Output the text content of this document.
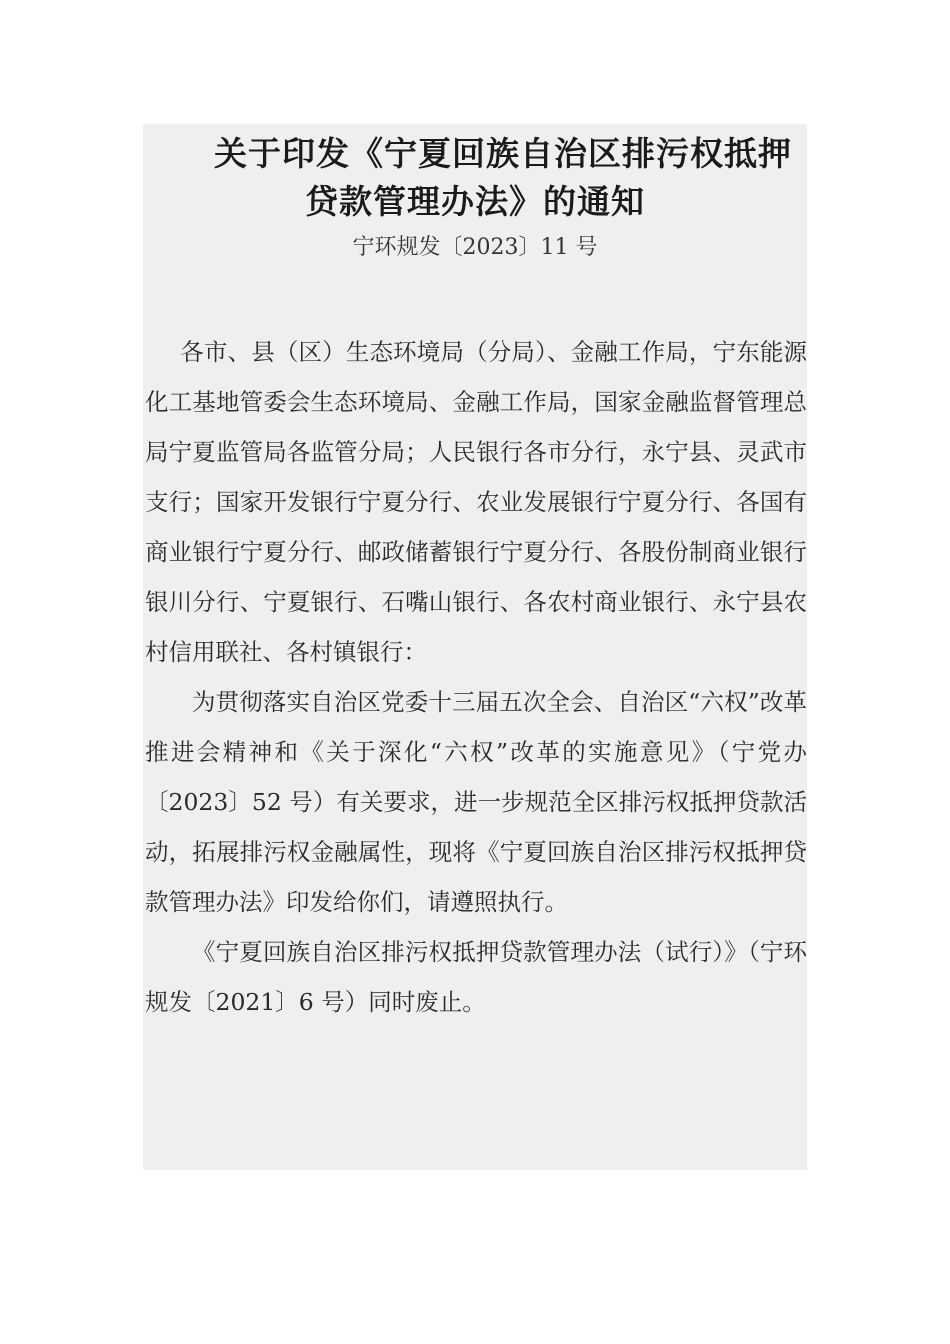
关于印发《宁夏回族自治区排污权抵押
贷款管理办法》的通知
宁环规发〔2023〕11 号

各市、县（区）生态环境局（分局）、金融工作局，宁东能源化工基地管委会生态环境局、金融工作局，国家金融监督管理总局宁夏监管局各监管分局；人民银行各市分行，永宁县、灵武市支行；国家开发银行宁夏分行、农业发展银行宁夏分行、各国有商业银行宁夏分行、邮政储蓄银行宁夏分行、各股份制商业银行银川分行、宁夏银行、石嘴山银行、各农村商业银行、永宁县农村信用联社、各村镇银行：

为贯彻落实自治区党委十三届五次全会、自治区“六权”改革推进会精神和《关于深化“六权”改革的实施意见》（宁党办〔2023〕52 号）有关要求，进一步规范全区排污权抵押贷款活动，拓展排污权金融属性，现将《宁夏回族自治区排污权抵押贷款管理办法》印发给你们，请遵照执行。

《宁夏回族自治区排污权抵押贷款管理办法（试行）》（宁环规发〔2021〕6 号）同时废止。
